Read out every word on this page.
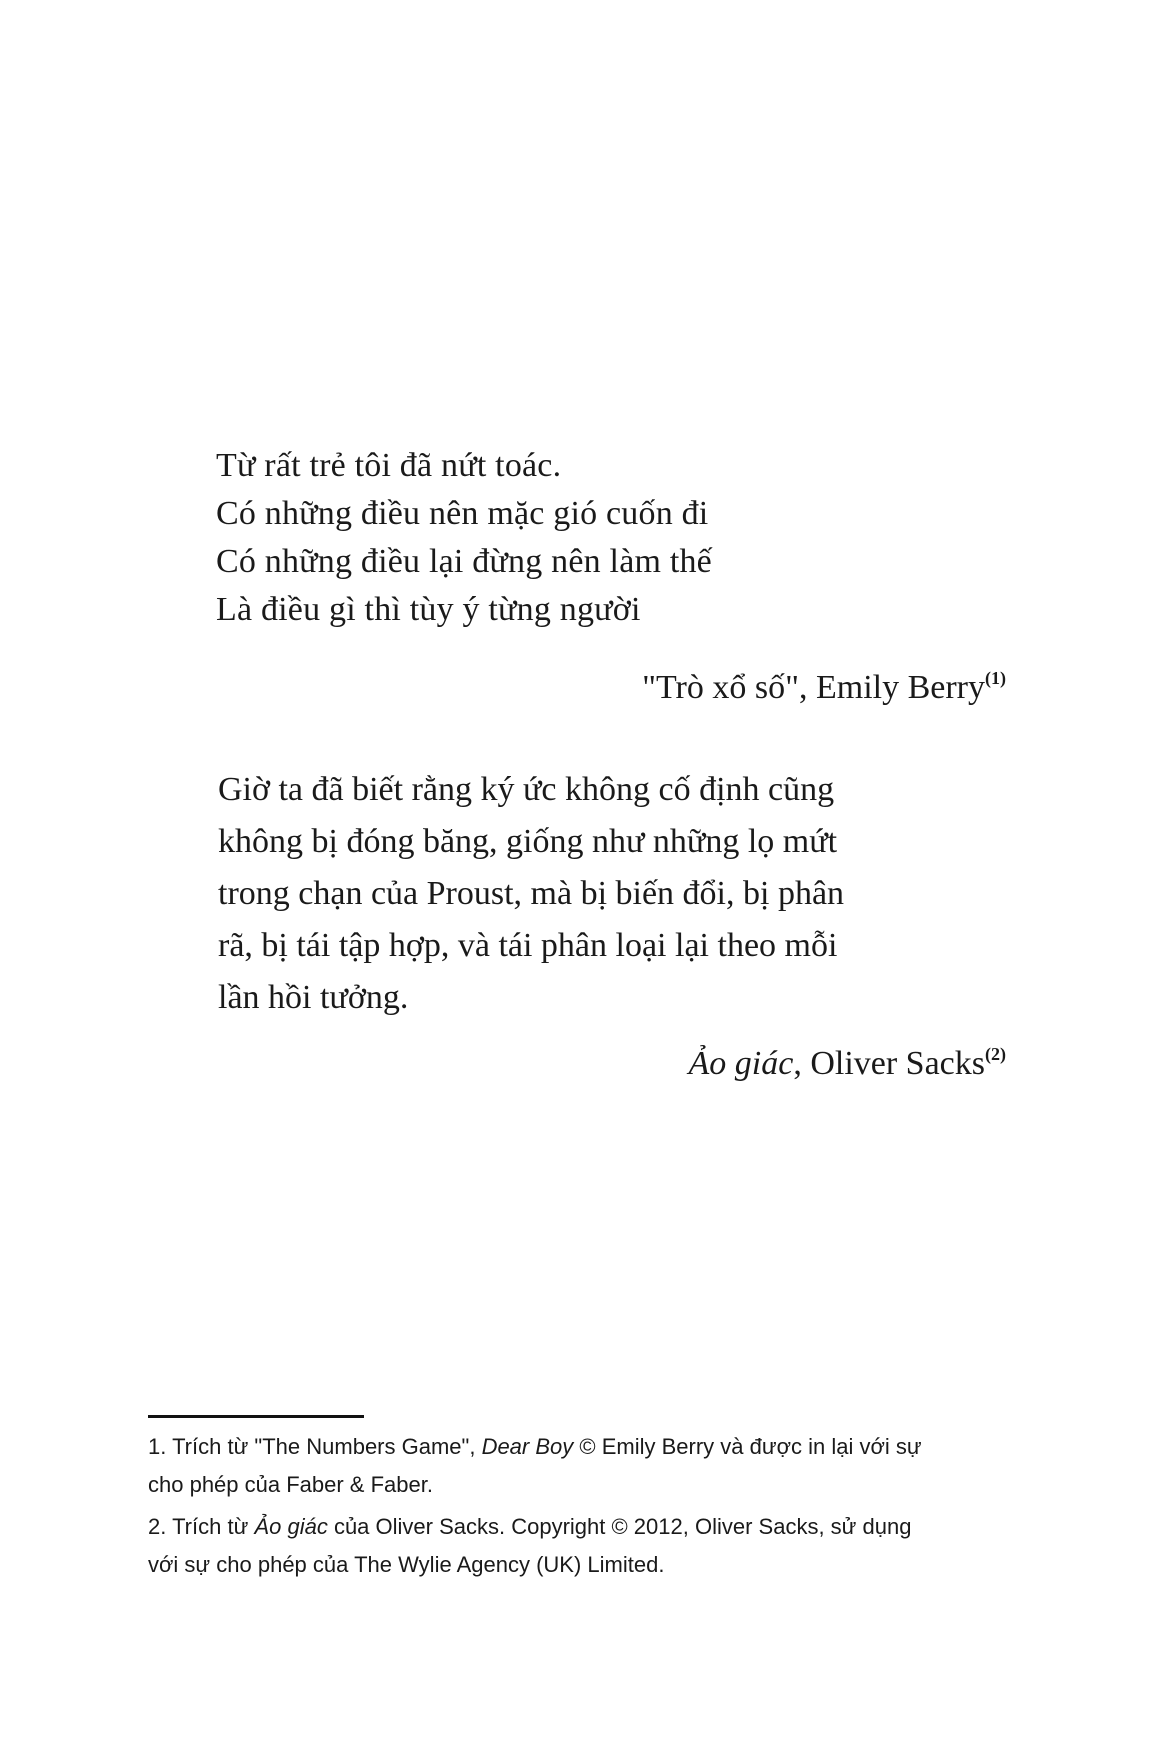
Từ rất trẻ tôi đã nứt toác.
Có những điều nên mặc gió cuốn đi
Có những điều lại đừng nên làm thế
Là điều gì thì tùy ý từng người
"Trò xổ số", Emily Berry$^{(1)}$
Giờ ta đã biết rằng ký ức không cố định cũng
không bị đóng băng, giống như những lọ mứt
trong chạn của Proust, mà bị biến đổi, bị phân
rã, bị tái tập hợp, và tái phân loại lại theo mỗi
lần hồi tưởng.
Ảo giác, Oliver Sacks$^{(2)}$
1. Trích từ "The Numbers Game", Dear Boy © Emily Berry và được in lại với sự
cho phép của Faber & Faber.
2. Trích từ Ảo giác của Oliver Sacks. Copyright © 2012, Oliver Sacks, sử dụng
với sự cho phép của The Wylie Agency (UK) Limited.
